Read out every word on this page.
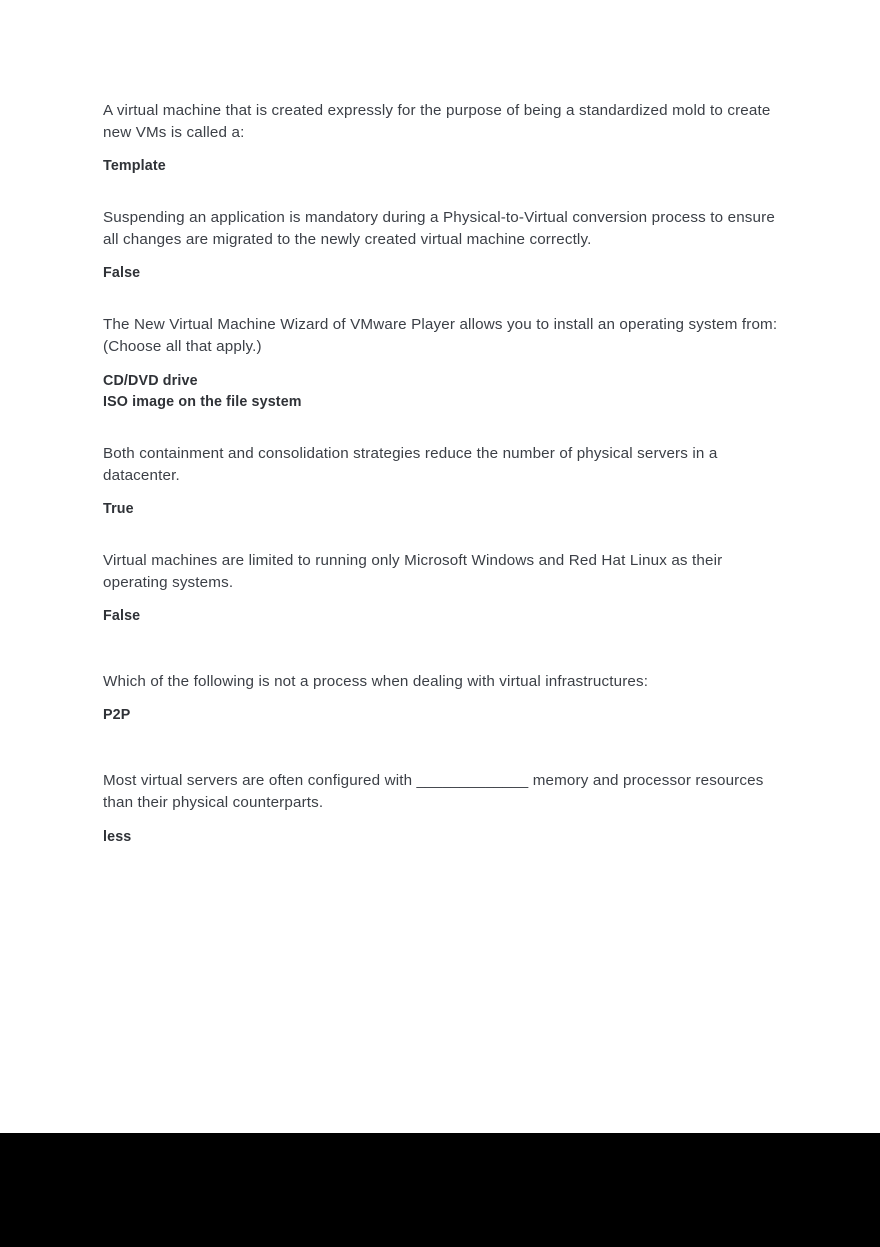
A virtual machine that is created expressly for the purpose of being a standardized mold to create new VMs is called a:

Template

Suspending an application is mandatory during a Physical-to-Virtual conversion process to ensure all changes are migrated to the newly created virtual machine correctly.

False

The New Virtual Machine Wizard of VMware Player allows you to install an operating system from: (Choose all that apply.)

CD/DVD drive
ISO image on the file system

Both containment and consolidation strategies reduce the number of physical servers in a datacenter.

True

Virtual machines are limited to running only Microsoft Windows and Red Hat Linux as their operating systems.

False

Which of the following is not a process when dealing with virtual infrastructures:

P2P

Most virtual servers are often configured with _____________ memory and processor resources than their physical counterparts.

less
